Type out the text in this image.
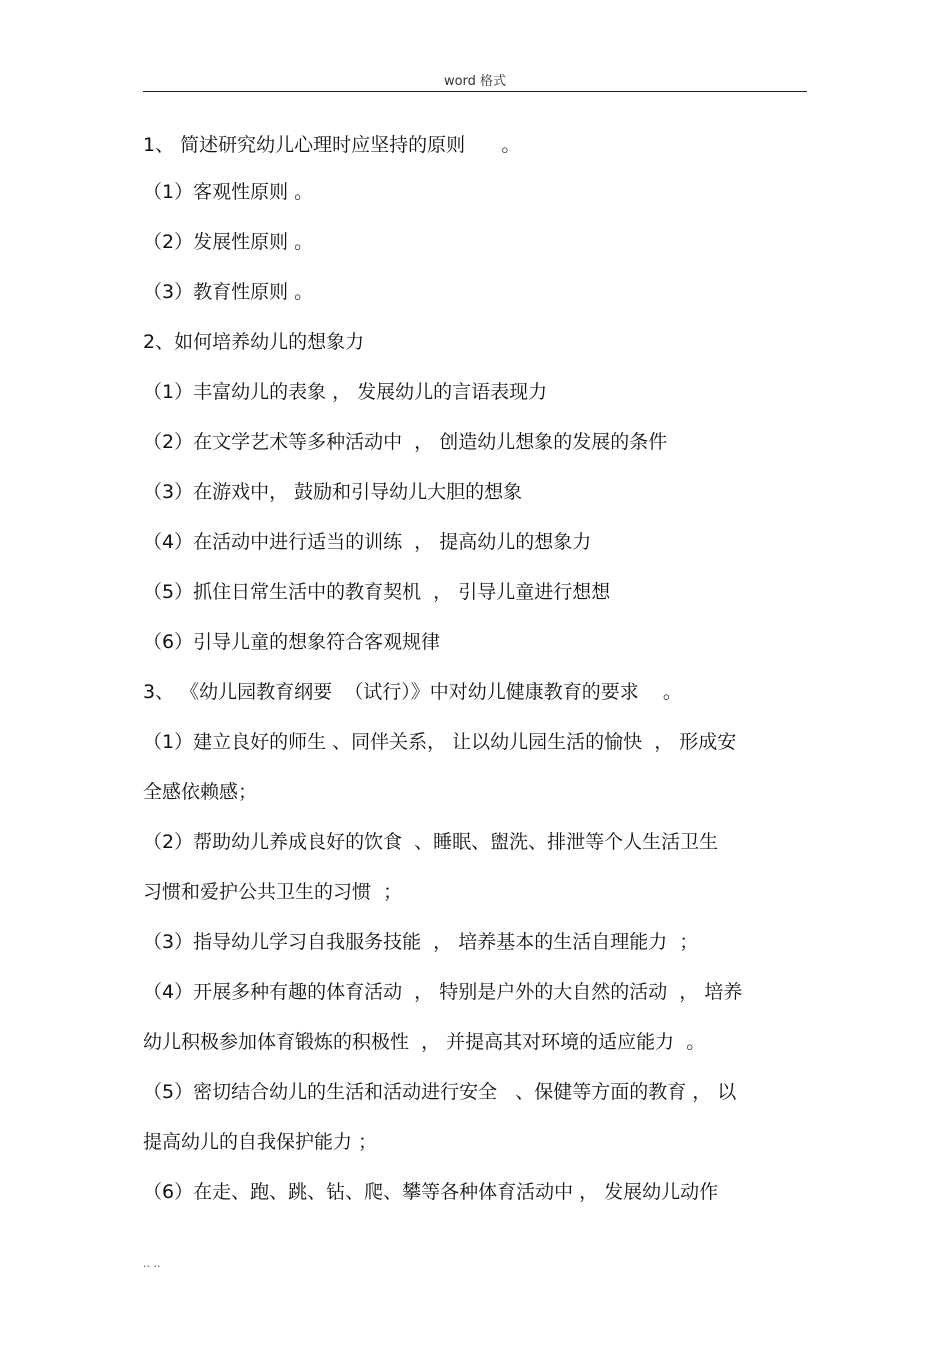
word 格式
1、 简述研究幼儿心理时应坚持的原则      。
（1）客观性原则 。
（2）发展性原则 。
（3）教育性原则 。
2、如何培养幼儿的想象力
（1）丰富幼儿的表象 ， 发展幼儿的言语表现力
（2）在文学艺术等多种活动中  ， 创造幼儿想象的发展的条件
（3）在游戏中， 鼓励和引导幼儿大胆的想象
（4）在活动中进行适当的训练  ， 提高幼儿的想象力
（5）抓住日常生活中的教育契机  ， 引导儿童进行想想
（6）引导儿童的想象符合客观规律
3、 《幼儿园教育纲要  （试行）》中对幼儿健康教育的要求    。
（1）建立良好的师生 、同伴关系， 让以幼儿园生活的愉快  ， 形成安
全感依赖感；
（2）帮助幼儿养成良好的饮食  、睡眠、盥洗、排泄等个人生活卫生
习惯和爱护公共卫生的习惯  ；
（3）指导幼儿学习自我服务技能  ， 培养基本的生活自理能力  ；
（4）开展多种有趣的体育活动  ， 特别是户外的大自然的活动  ， 培养
幼儿积极参加体育锻炼的积极性  ， 并提高其对环境的适应能力  。
（5）密切结合幼儿的生活和活动进行安全   、保健等方面的教育 ， 以
提高幼儿的自我保护能力 ；
（6）在走、跑、跳、钻、爬、攀等各种体育活动中 ， 发展幼儿动作
.. ..
